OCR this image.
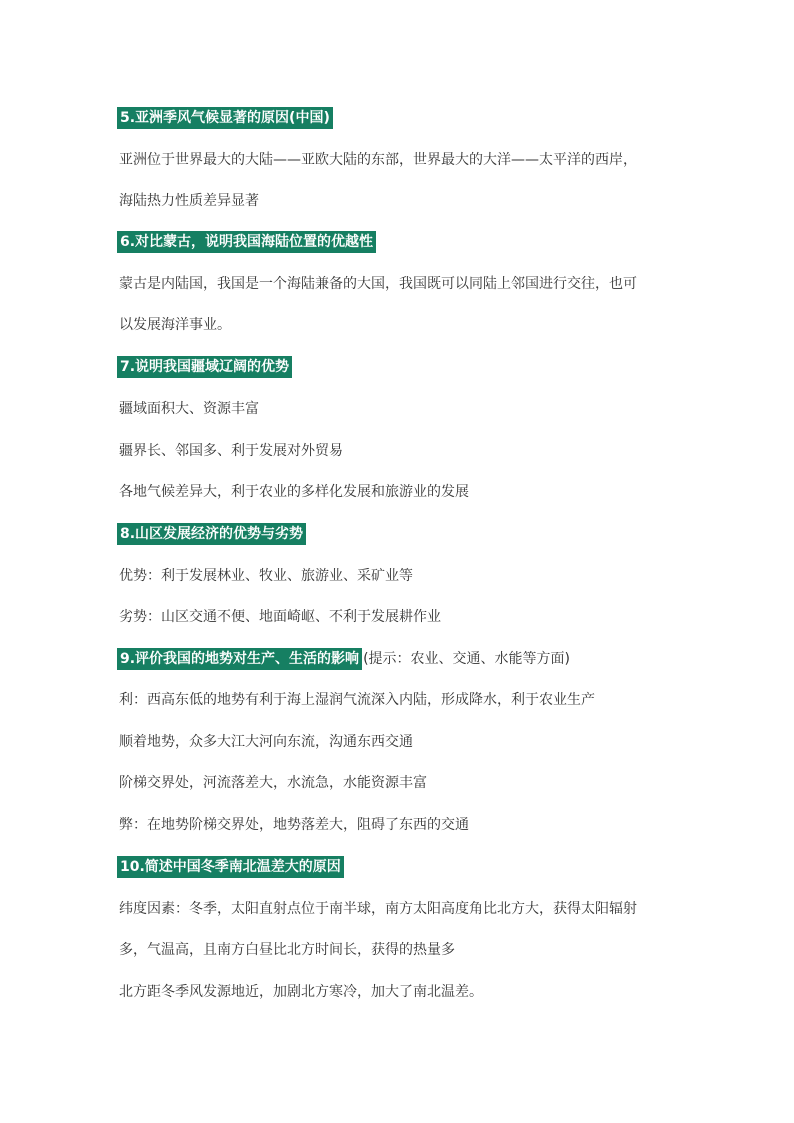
5.亚洲季风气候显著的原因(中国)
亚洲位于世界最大的大陆——亚欧大陆的东部，世界最大的大洋——太平洋的西岸，
海陆热力性质差异显著
6.对比蒙古，说明我国海陆位置的优越性
蒙古是内陆国，我国是一个海陆兼备的大国，我国既可以同陆上邻国进行交往，也可
以发展海洋事业。
7.说明我国疆域辽阔的优势
疆域面积大、资源丰富
疆界长、邻国多、利于发展对外贸易
各地气候差异大，利于农业的多样化发展和旅游业的发展
8.山区发展经济的优势与劣势
优势：利于发展林业、牧业、旅游业、采矿业等
劣势：山区交通不便、地面崎岖、不利于发展耕作业
9.评价我国的地势对生产、生活的影响 (提示：农业、交通、水能等方面)
利：西高东低的地势有利于海上湿润气流深入内陆，形成降水，利于农业生产
顺着地势，众多大江大河向东流，沟通东西交通
阶梯交界处，河流落差大，水流急，水能资源丰富
弊：在地势阶梯交界处，地势落差大，阻碍了东西的交通
10.简述中国冬季南北温差大的原因
纬度因素：冬季，太阳直射点位于南半球，南方太阳高度角比北方大，获得太阳辐射
多，气温高，且南方白昼比北方时间长，获得的热量多
北方距冬季风发源地近，加剧北方寒冷，加大了南北温差。
